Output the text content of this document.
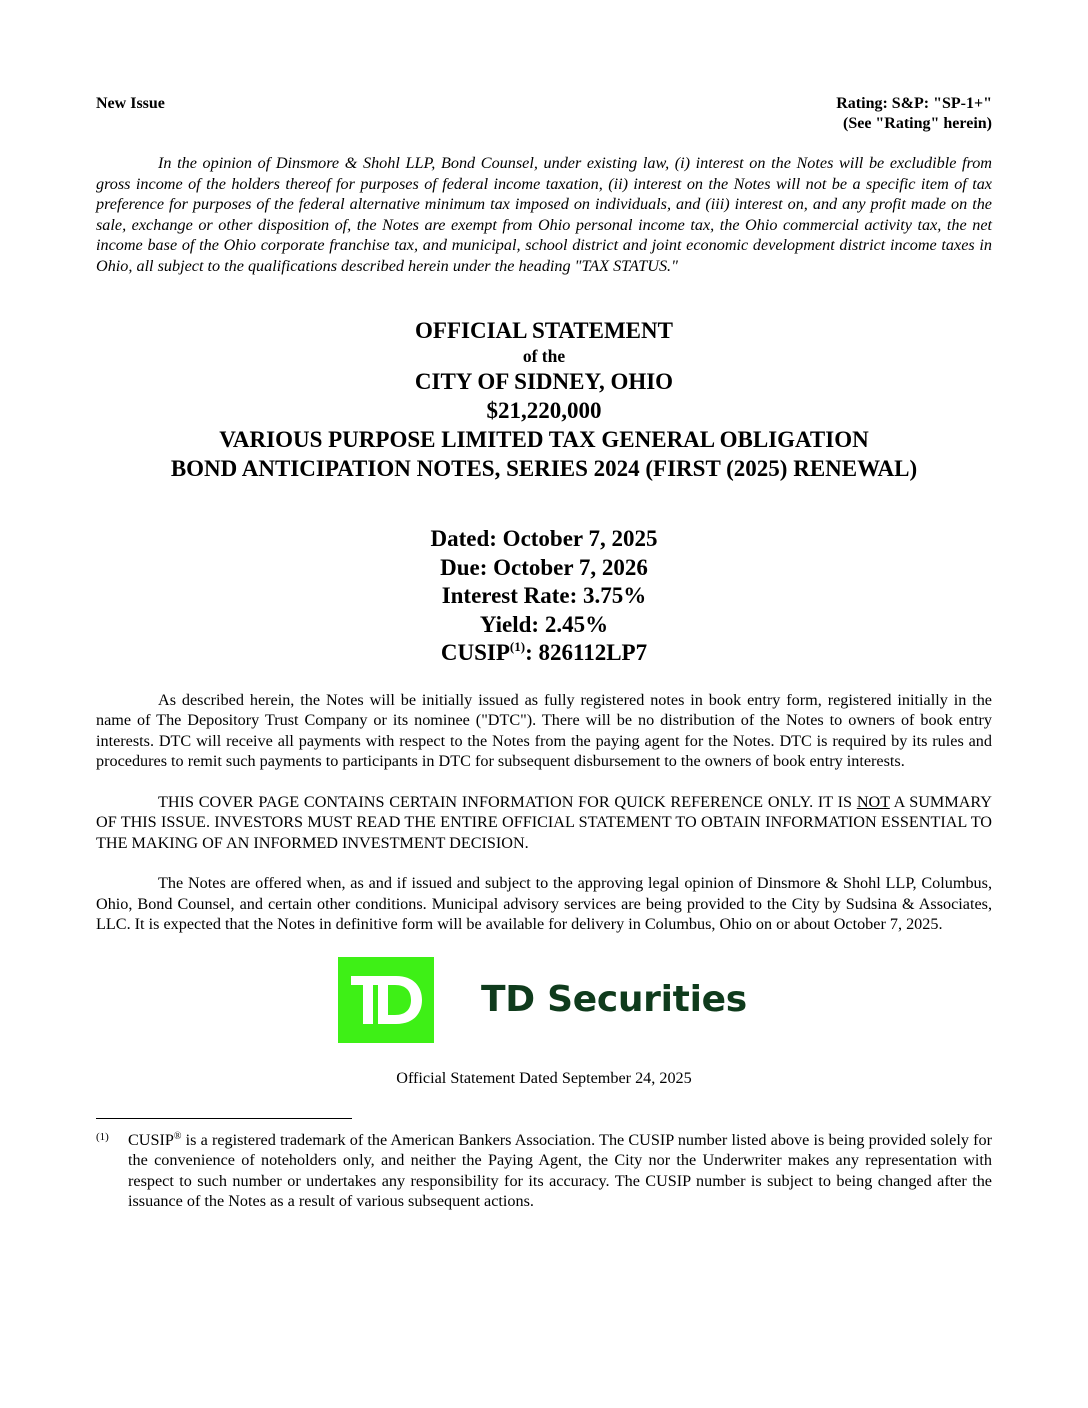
New Issue	Rating: S&P: "SP-1+"
(See "Rating" herein)
In the opinion of Dinsmore & Shohl LLP, Bond Counsel, under existing law, (i) interest on the Notes will be excludible from gross income of the holders thereof for purposes of federal income taxation, (ii) interest on the Notes will not be a specific item of tax preference for purposes of the federal alternative minimum tax imposed on individuals, and (iii) interest on, and any profit made on the sale, exchange or other disposition of, the Notes are exempt from Ohio personal income tax, the Ohio commercial activity tax, the net income base of the Ohio corporate franchise tax, and municipal, school district and joint economic development district income taxes in Ohio, all subject to the qualifications described herein under the heading "TAX STATUS."
OFFICIAL STATEMENT
of the
CITY OF SIDNEY, OHIO
$21,220,000
VARIOUS PURPOSE LIMITED TAX GENERAL OBLIGATION
BOND ANTICIPATION NOTES, SERIES 2024 (FIRST (2025) RENEWAL)
Dated: October 7, 2025
Due: October 7, 2026
Interest Rate: 3.75%
Yield: 2.45%
CUSIP$^{(1)}$: 826112LP7

As described herein, the Notes will be initially issued as fully registered notes in book entry form, registered initially in the name of The Depository Trust Company or its nominee ("DTC"). There will be no distribution of the Notes to owners of book entry interests. DTC will receive all payments with respect to the Notes from the paying agent for the Notes. DTC is required by its rules and procedures to remit such payments to participants in DTC for subsequent disbursement to the owners of book entry interests.

THIS COVER PAGE CONTAINS CERTAIN INFORMATION FOR QUICK REFERENCE ONLY. IT IS NOT A SUMMARY OF THIS ISSUE. INVESTORS MUST READ THE ENTIRE OFFICIAL STATEMENT TO OBTAIN INFORMATION ESSENTIAL TO THE MAKING OF AN INFORMED INVESTMENT DECISION.

The Notes are offered when, as and if issued and subject to the approving legal opinion of Dinsmore & Shohl LLP, Columbus, Ohio, Bond Counsel, and certain other conditions. Municipal advisory services are being provided to the City by Sudsina & Associates, LLC. It is expected that the Notes in definitive form will be available for delivery in Columbus, Ohio on or about October 7, 2025.

TD Securities
Official Statement Dated September 24, 2025
(1)	CUSIP® is a registered trademark of the American Bankers Association. The CUSIP number listed above is being provided solely for the convenience of noteholders only, and neither the Paying Agent, the City nor the Underwriter makes any representation with respect to such number or undertakes any responsibility for its accuracy. The CUSIP number is subject to being changed after the issuance of the Notes as a result of various subsequent actions.
